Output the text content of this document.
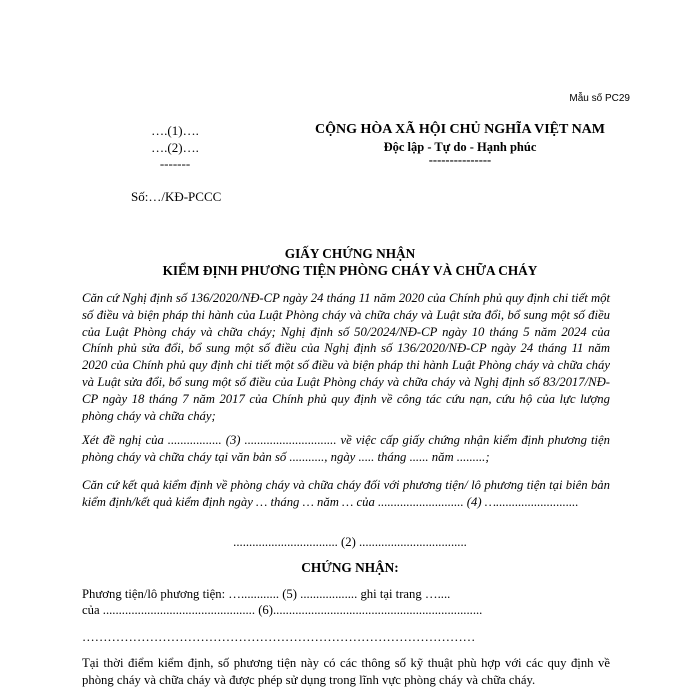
Mẫu số PC29
….(1)….
….(2)….
-------
CỘNG HÒA XÃ HỘI CHỦ NGHĨA VIỆT NAM
Độc lập - Tự do - Hạnh phúc
---------------
Số:…/KĐ-PCCC
GIẤY CHỨNG NHẬN
KIỂM ĐỊNH PHƯƠNG TIỆN PHÒNG CHÁY VÀ CHỮA CHÁY
Căn cứ Nghị định số 136/2020/NĐ-CP ngày 24 tháng 11 năm 2020 của Chính phủ quy định chi tiết một số điều và biện pháp thi hành của Luật Phòng cháy và chữa cháy và Luật sửa đổi, bổ sung một số điều của Luật Phòng cháy và chữa cháy; Nghị định số 50/2024/NĐ-CP ngày 10 tháng 5 năm 2024 của Chính phủ sửa đổi, bổ sung một số điều của Nghị định số 136/2020/NĐ-CP ngày 24 tháng 11 năm 2020 của Chính phủ quy định chi tiết một số điều và biện pháp thi hành Luật Phòng cháy và chữa cháy và Luật sửa đổi, bổ sung một số điều của Luật Phòng cháy và chữa cháy và Nghị định số 83/2017/NĐ-CP ngày 18 tháng 7 năm 2017 của Chính phủ quy định về công tác cứu nạn, cứu hộ của lực lượng phòng cháy và chữa cháy;
Xét đề nghị của ................. (3) ............................. về việc cấp giấy chứng nhận kiểm định phương tiện phòng cháy và chữa cháy tại văn bản số ..........., ngày ..... tháng ...... năm .........;
Căn cứ kết quả kiểm định về phòng cháy và chữa cháy đối với phương tiện/ lô phương tiện tại biên bản kiểm định/kết quả kiểm định ngày … tháng … năm … của ........................... (4) …..........................
................................. (2) ..................................
CHỨNG NHẬN:
Phương tiện/lô phương tiện: …............ (5) .................. ghi tại trang …....
của ................................................ (6)..................................................................
…………………………………………………………………………………
Tại thời điểm kiểm định, số phương tiện này có các thông số kỹ thuật phù hợp với các quy định về phòng cháy và chữa cháy và được phép sử dụng trong lĩnh vực phòng cháy và chữa cháy.
